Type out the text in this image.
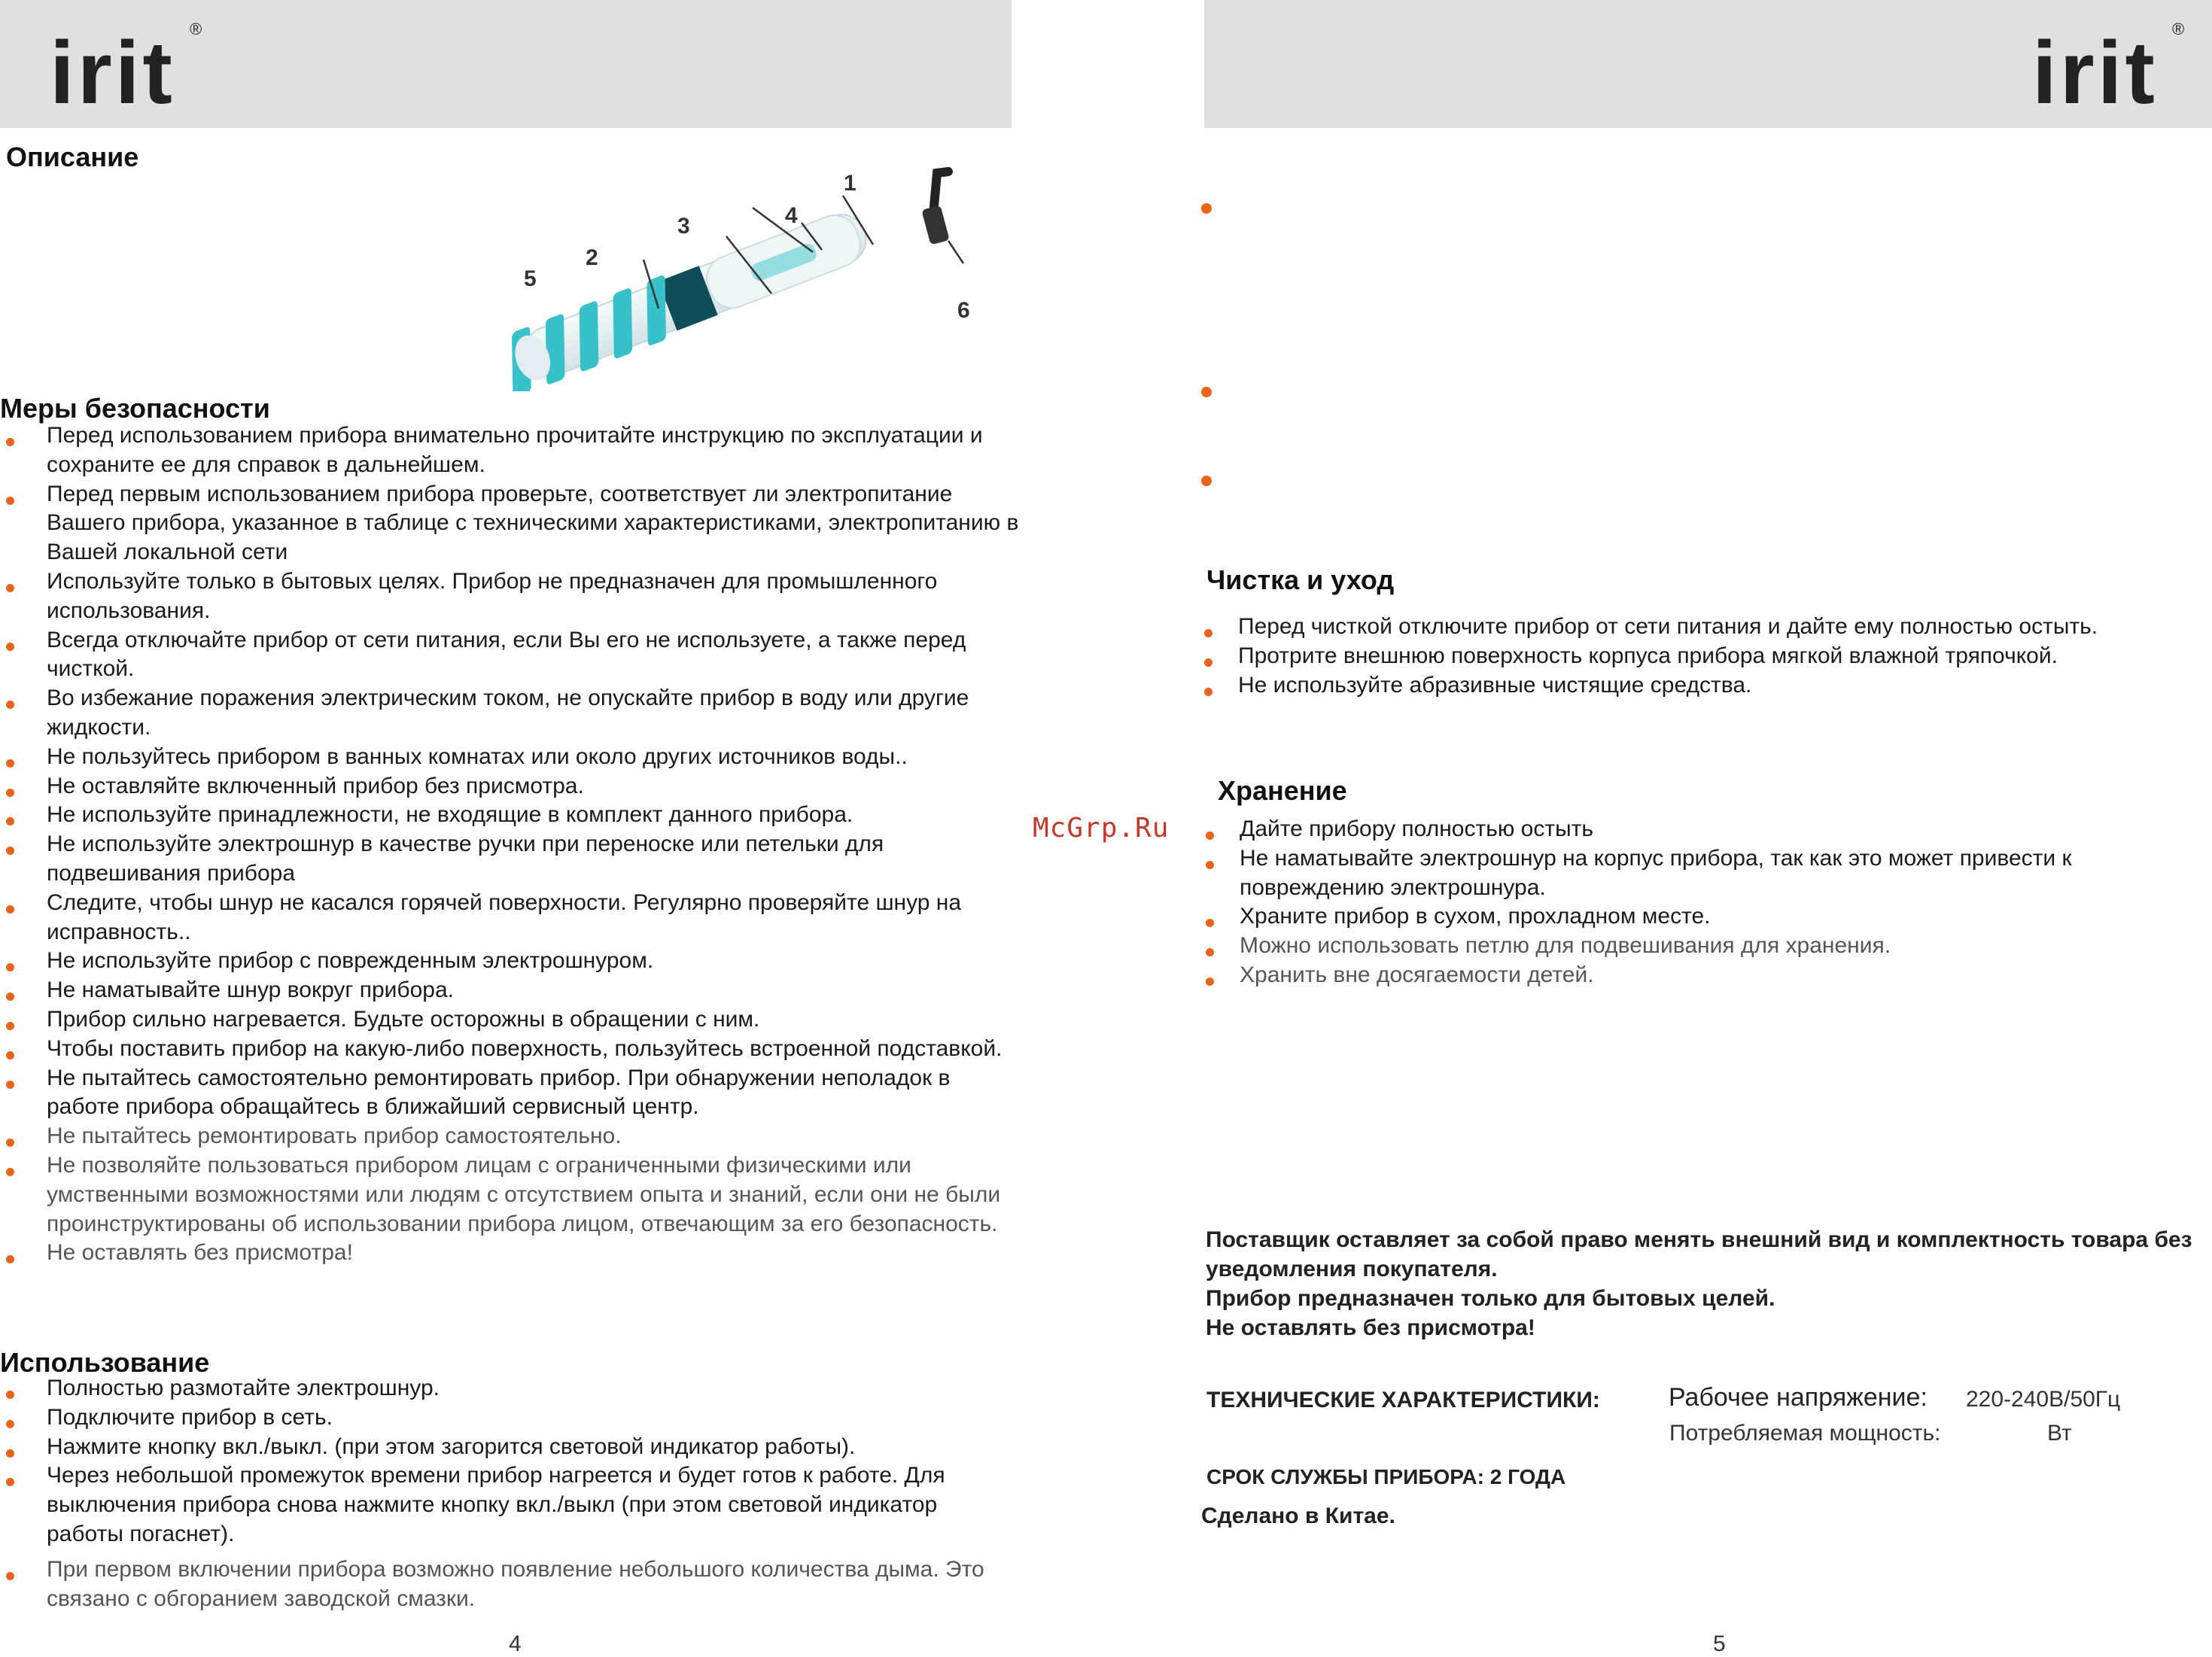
irit ®
Описание
1
2
3	4
5
6
Меры безопасности
Перед использованием прибора внимательно прочитайте инструкцию по эксплуатации и сохраните ее для справок в дальнейшем.
Перед первым использованием прибора проверьте, соответствует ли электропитание Вашего прибора, указанное в таблице с техническими характеристиками, электропитанию в Вашей локальной сети
Используйте только в бытовых целях. Прибор не предназначен для промышленного использования.
Всегда отключайте прибор от сети питания, если Вы его не используете, а также перед чисткой.
Во избежание поражения электрическим током, не опускайте прибор в воду или другие жидкости.
Не пользуйтесь прибором в ванных комнатах или около других источников воды..
Не оставляйте включенный прибор без присмотра.
Не используйте принадлежности, не входящие в комплект данного прибора.
Не используйте электрошнур в качестве ручки при переноске или петельки для подвешивания прибора
Следите, чтобы шнур не касался горячей поверхности. Регулярно проверяйте шнур на исправность..
Не используйте прибор с поврежденным электрошнуром.
Не наматывайте шнур вокруг прибора.
Прибор сильно нагревается. Будьте осторожны в обращении с ним.
Чтобы поставить прибор на какую-либо поверхность, пользуйтесь встроенной подставкой.
Не пытайтесь самостоятельно ремонтировать прибор. При обнаружении неполадок в работе прибора обращайтесь в ближайший сервисный центр.
Не пытайтесь ремонтировать прибор самостоятельно.
Не позволяйте пользоваться прибором лицам с ограниченными физическими или умственными возможностями или людям с отсутствием опыта и знаний, если они не были проинструктированы об использовании прибора лицом, отвечающим за его безопасность.
Не оставлять без присмотра!
Использование
Полностью размотайте электрошнур.
Подключите прибор в сеть.
Нажмите кнопку вкл./выкл. (при этом загорится световой индикатор работы).
Через небольшой промежуток времени прибор нагреется и будет готов к работе. Для выключения прибора снова нажмите кнопку вкл./выкл (при этом световой индикатор работы погаснет).
При первом включении прибора возможно появление небольшого количества дыма. Это связано с обгоранием заводской смазки.
4
McGrp.Ru
irit ®
Чистка и уход
Перед чисткой отключите прибор от сети питания и дайте ему полностью остыть.
Протрите внешнюю поверхность корпуса прибора мягкой влажной тряпочкой.
Не используйте абразивные чистящие средства.
Хранение
Дайте прибору полностью остыть
Не наматывайте электрошнур на корпус прибора, так как это может привести к повреждению электрошнура.
Храните прибор в сухом, прохладном месте.
Можно использовать петлю для подвешивания для хранения.
Хранить вне досягаемости детей.
Поставщик оставляет за собой право менять внешний вид и комплектность товара без уведомления покупателя.
Прибор предназначен только для бытовых целей.
Не оставлять без присмотра!
ТЕХНИЧЕСКИЕ ХАРАКТЕРИСТИКИ:	Рабочее напряжение: 220-240В/50Гц
Потребляемая мощность:	Вт
СРОК СЛУЖБЫ ПРИБОРА: 2 ГОДА
Сделано в Китае.
5
